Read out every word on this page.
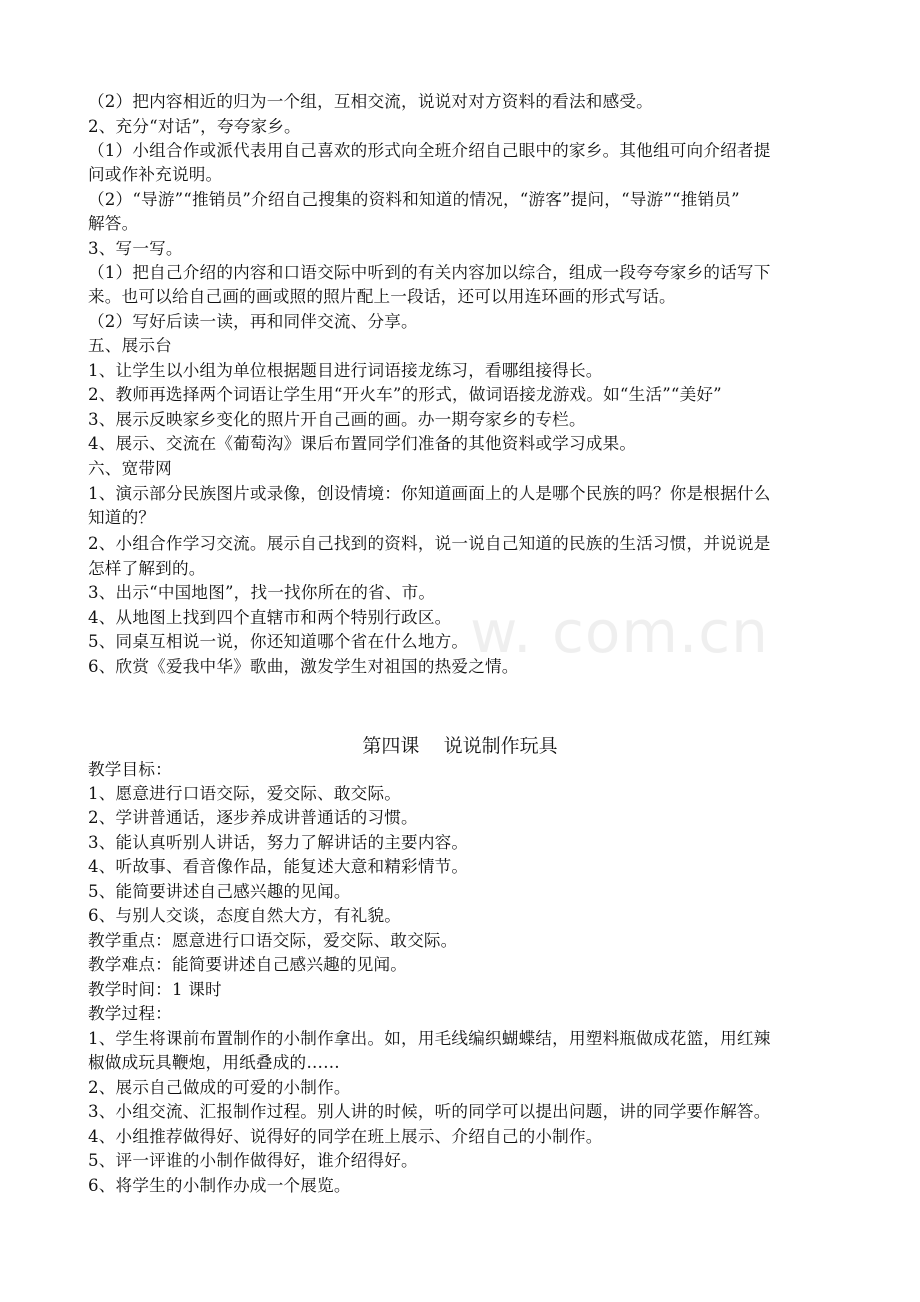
w. com.cn
（2）把内容相近的归为一个组，互相交流，说说对对方资料的看法和感受。
2、充分“对话”，夸夸家乡。
（1）小组合作或派代表用自己喜欢的形式向全班介绍自己眼中的家乡。其他组可向介绍者提
问或作补充说明。
（2）“导游”“推销员”介绍自己搜集的资料和知道的情况，“游客”提问，“导游”“推销员”
解答。
3、写一写。
（1）把自己介绍的内容和口语交际中听到的有关内容加以综合，组成一段夸夸家乡的话写下
来。也可以给自己画的画或照的照片配上一段话，还可以用连环画的形式写话。
（2）写好后读一读，再和同伴交流、分享。
五、展示台
1、让学生以小组为单位根据题目进行词语接龙练习，看哪组接得长。
2、教师再选择两个词语让学生用“开火车”的形式，做词语接龙游戏。如“生活”“美好”
3、展示反映家乡变化的照片开自己画的画。办一期夸家乡的专栏。
4、展示、交流在《葡萄沟》课后布置同学们准备的其他资料或学习成果。
六、宽带网
1、演示部分民族图片或录像，创设情境：你知道画面上的人是哪个民族的吗？你是根据什么
知道的？
2、小组合作学习交流。展示自己找到的资料，说一说自己知道的民族的生活习惯，并说说是
怎样了解到的。
3、出示“中国地图”，找一找你所在的省、市。
4、从地图上找到四个直辖市和两个特别行政区。
5、同桌互相说一说，你还知道哪个省在什么地方。
6、欣赏《爱我中华》歌曲，激发学生对祖国的热爱之情。
第四课    说说制作玩具
教学目标：
1、愿意进行口语交际，爱交际、敢交际。
2、学讲普通话，逐步养成讲普通话的习惯。
3、能认真听别人讲话，努力了解讲话的主要内容。
4、听故事、看音像作品，能复述大意和精彩情节。
5、能简要讲述自己感兴趣的见闻。
6、与别人交谈，态度自然大方，有礼貌。
教学重点：愿意进行口语交际，爱交际、敢交际。
教学难点：能简要讲述自己感兴趣的见闻。
教学时间：1 课时
教学过程：
1、学生将课前布置制作的小制作拿出。如，用毛线编织蝴蝶结，用塑料瓶做成花篮，用红辣
椒做成玩具鞭炮，用纸叠成的……
2、展示自己做成的可爱的小制作。
3、小组交流、汇报制作过程。别人讲的时候，听的同学可以提出问题，讲的同学要作解答。
4、小组推荐做得好、说得好的同学在班上展示、介绍自己的小制作。
5、评一评谁的小制作做得好，谁介绍得好。
6、将学生的小制作办成一个展览。
